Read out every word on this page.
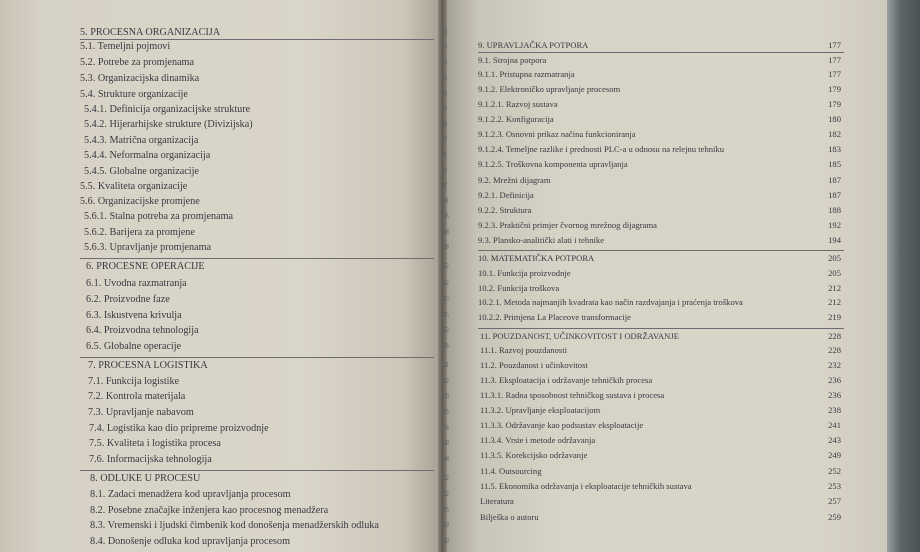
5. PROCESNA ORGANIZACIJA	73
5.1. Temeljni pojmovi	73
5.2. Potrebe za promjenama	74
5.3. Organizacijska dinamika	75
5.4. Strukture organizacije	78
5.4.1. Definicija organizacijske strukture	78
5.4.2. Hijerarhijske strukture (Divizijska)	80
5.4.3. Matrična organizacija	87
5.4.4. Neformalna organizacija	91
5.4.5. Globalne organizacije	92
5.5. Kvaliteta organizacije	97
5.6. Organizacijske promjene	101
5.6.1. Stalna potreba za promjenama	105
5.6.2. Barijera za promjene	108
5.6.3. Upravljanje promjenama	108
6. PROCESNE OPERACIJE	112
6.1. Uvodna razmatranja	112
6.2. Proizvodne faze	113
6.3. Iskustvena krivulja	115
6.4. Proizvodna tehnologija	122
6.5. Globalne operacije	126
7. PROCESNA LOGISTIKA	131
7.1. Funkcija logistike	132
7.2. Kontrola materijala	133
7.3. Upravljanje nabavom	135
7.4. Logistika kao dio pripreme proizvodnje	136
7.5. Kvaliteta i logistika procesa	140
7.6. Informacijska tehnologija	144
8. ODLUKE U PROCESU	152
8.1. Zadaci menadžera kod upravljanja procesom	152
8.2. Posebne značajke inženjera kao procesnog menadžera	155
8.3. Vremenski i ljudski čimbenik kod donošenja menadžerskih odluka	159
8.4. Donošenje odluka kod upravljanja procesom	163
9. UPRAVLJAČKA POTPORA	177
9.1. Strojna potpora	177
9.1.1. Pristupna razmatranja	177
9.1.2. Elektroničko upravljanje procesom	179
9.1.2.1. Razvoj sustava	179
9.1.2.2. Konfiguracija	180
9.1.2.3. Osnovni prikaz načina funkcioniranja	182
9.1.2.4. Temeljne razlike i prednosti PLC-a u odnosu na relejnu tehniku	183
9.1.2.5. Troškovna komponenta upravljanja	185
9.2. Mrežni dijagram	187
9.2.1. Definicija	187
9.2.2. Struktura	188
9.2.3. Praktični primjer čvornog mrežnog dijagrama	192
9.3. Plansko-analitički alati i tehnike	194
10. MATEMATIČKA POTPORA	205
10.1. Funkcija proizvodnje	205
10.2. Funkcija troškova	212
10.2.1. Metoda najmanjih kvadrata kao način razdvajanja i praćenja troškova	212
10.2.2. Primjena La Placeove transformacije	219
11. POUZDANOST, UČINKOVITOST I ODRŽAVANJE	228
11.1. Razvoj pouzdanosti	228
11.2. Pouzdanost i učinkovitost	232
11.3. Eksploatacija i održavanje tehničkih procesa	236
11.3.1. Radna sposobnost tehničkog sustava i procesa	236
11.3.2. Upravljanje eksploatacijom	238
11.3.3. Održavanje kao podsustav eksploatacije	241
11.3.4. Vrste i metode održavanja	243
11.3.5. Korekcijsko održavanje	249
11.4. Outsourcing	252
11.5. Ekonomika održavanja i eksploatacije tehničkih sustava	253
Literatura	257
Bilješka o autoru	259
